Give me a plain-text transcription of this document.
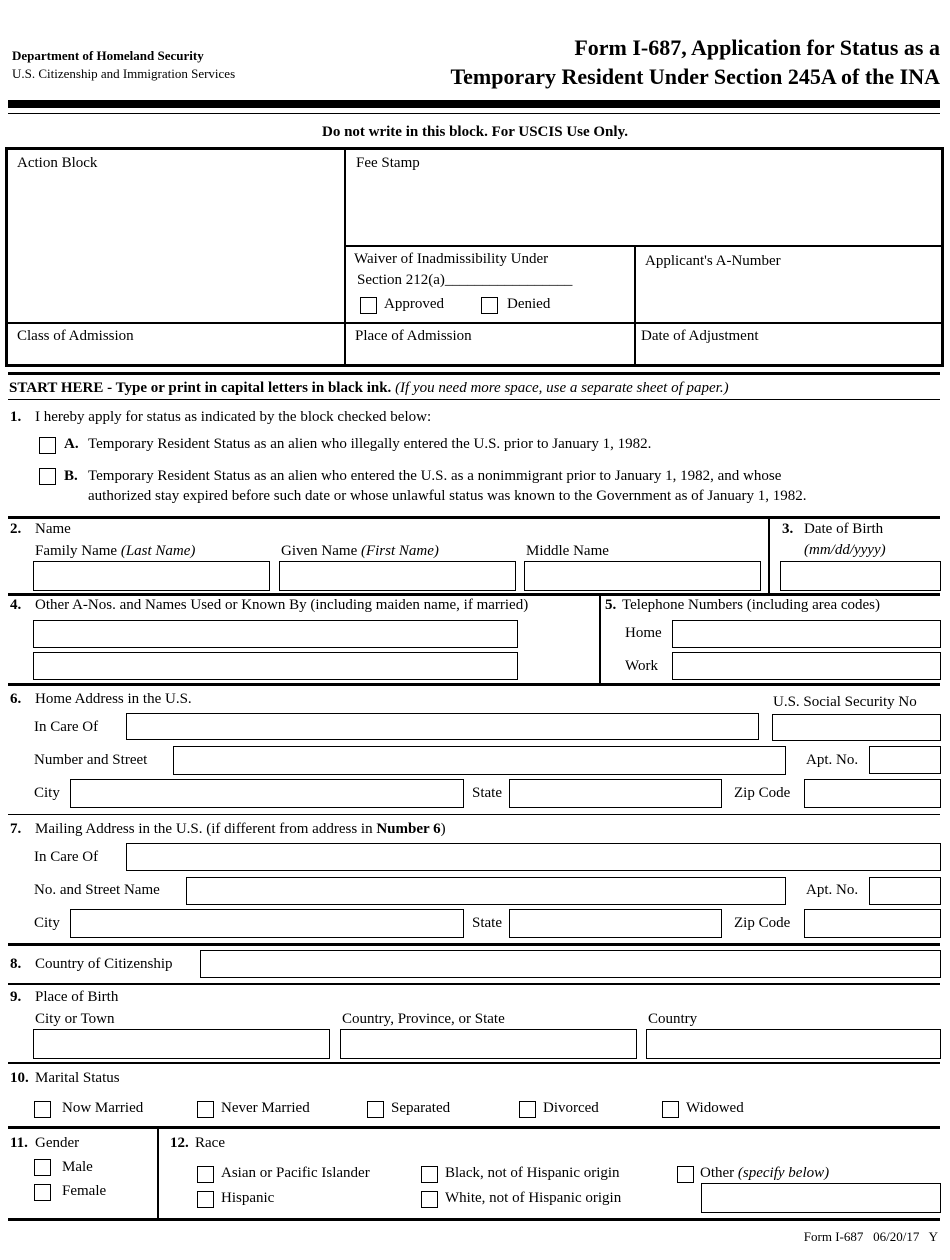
Department of Homeland Security
U.S. Citizenship and Immigration Services
Form I-687, Application for Status as a
Temporary Resident Under Section 245A of the INA
Do not write in this block. For USCIS Use Only.
Action Block	Fee Stamp
Waiver of Inadmissibility Under
Section 212(a)_________________
Approved	Denied
Applicant's A-Number
Class of Admission	Place of Admission	Date of Adjustment
START HERE - Type or print in capital letters in black ink. (If you need more space, use a separate sheet of paper.)
1. I hereby apply for status as indicated by the block checked below:
A. Temporary Resident Status as an alien who illegally entered the U.S. prior to January 1, 1982.
B. Temporary Resident Status as an alien who entered the U.S. as a nonimmigrant prior to January 1, 1982, and whose
authorized stay expired before such date or whose unlawful status was known to the Government as of January 1, 1982.
2. Name
Family Name (Last Name)	Given Name (First Name)	Middle Name
3. Date of Birth
(mm/dd/yyyy)
4. Other A-Nos. and Names Used or Known By (including maiden name, if married)	5. Telephone Numbers (including area codes)
Home
Work
6. Home Address in the U.S.	U.S. Social Security No
In Care Of
Number and Street	Apt. No.
City	State	Zip Code
7. Mailing Address in the U.S. (if different from address in Number 6)
In Care Of
No. and Street Name	Apt. No.
City	State	Zip Code
8. Country of Citizenship
9. Place of Birth
City or Town	Country, Province, or State	Country
10. Marital Status
Now Married	Never Married	Separated	Divorced	Widowed
11. Gender
Male
Female
12. Race
Asian or Pacific Islander
Hispanic
Black, not of Hispanic origin
White, not of Hispanic origin
Other (specify below)
Form I-687   06/20/17   Y
